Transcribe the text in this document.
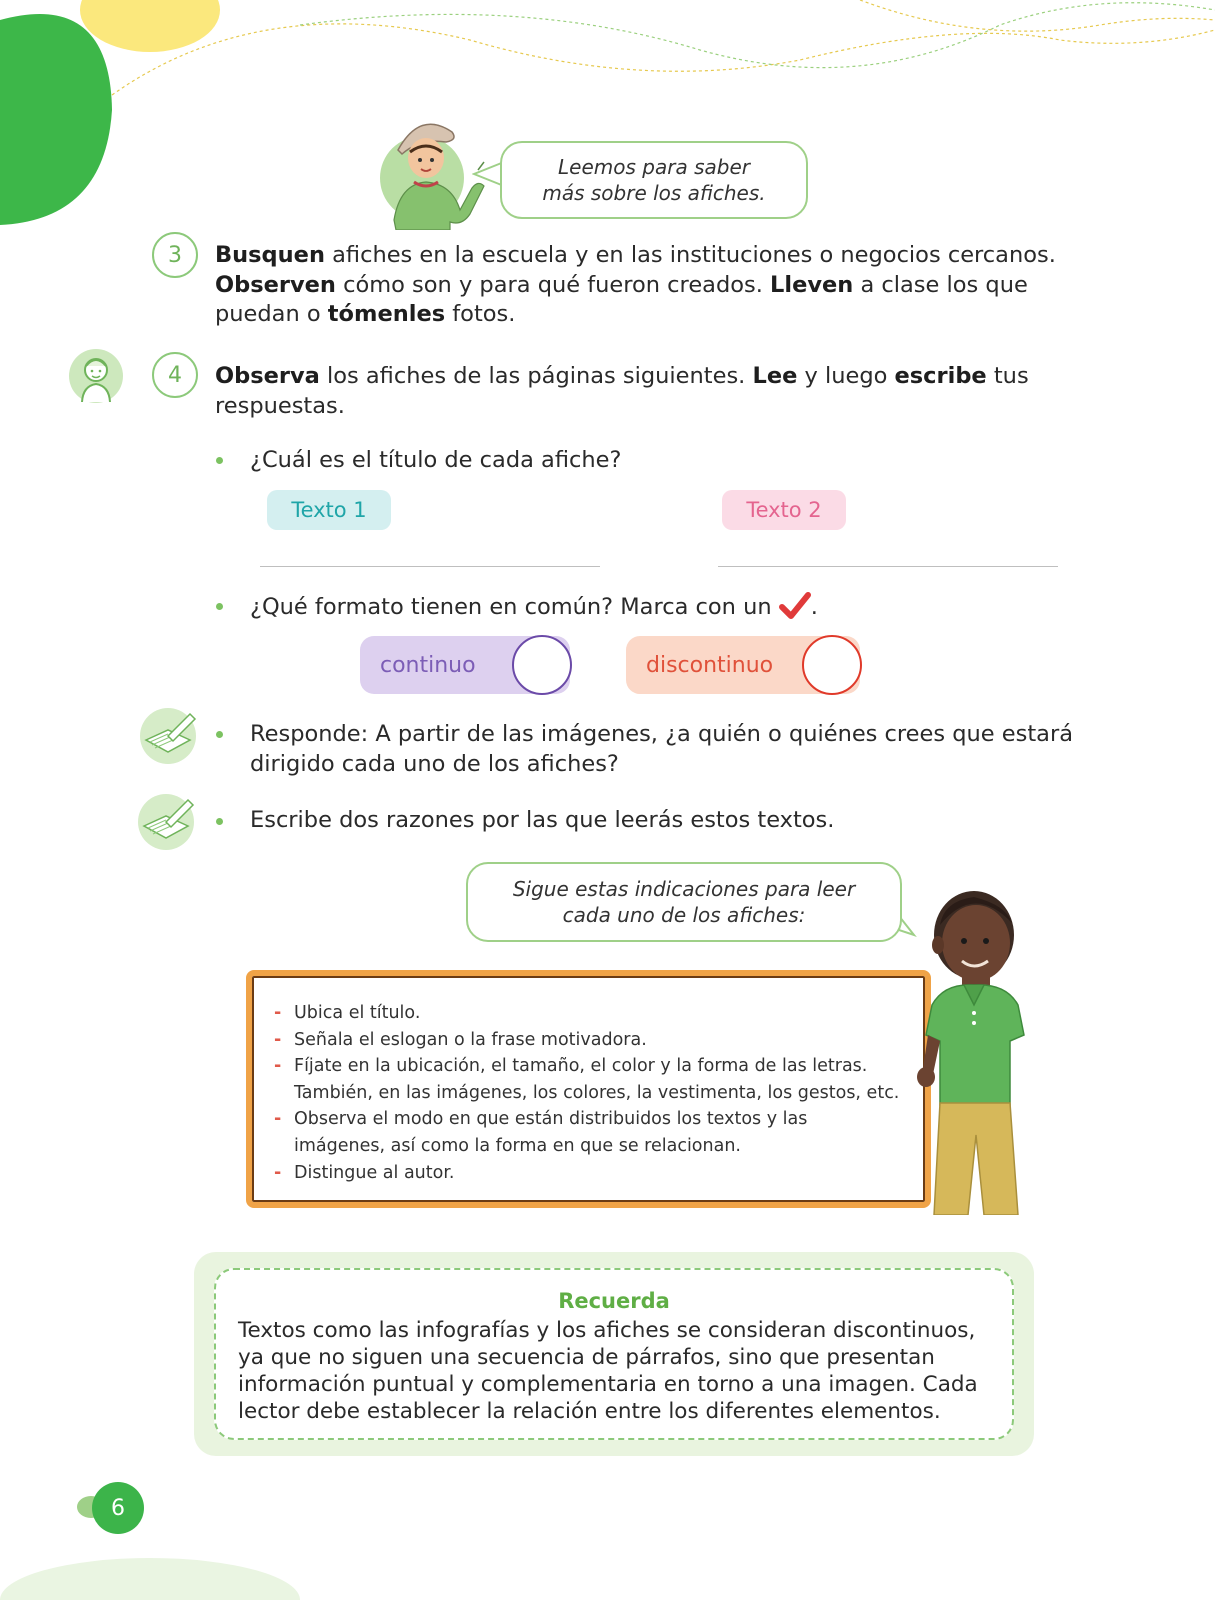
Leemos para saber
más sobre los afiches.
3	Busquen afiches en la escuela y en las instituciones o negocios cercanos.
Observen cómo son y para qué fueron creados. Lleven a clase los que
puedan o tómenles fotos.
4	Observa los afiches de las páginas siguientes. Lee y luego escribe tus
respuestas.
¿Cuál es el título de cada afiche?
Texto 1	Texto 2
¿Qué formato tienen en común? Marca con un .
continuo	discontinuo
Responde: A partir de las imágenes, ¿a quién o quiénes crees que estará
dirigido cada uno de los afiches?
Escribe dos razones por las que leerás estos textos.
Sigue estas indicaciones para leer
cada uno de los afiches:
- Ubica el título.
- Señala el eslogan o la frase motivadora.
- Fíjate en la ubicación, el tamaño, el color y la forma de las letras.
También, en las imágenes, los colores, la vestimenta, los gestos, etc.
- Observa el modo en que están distribuidos los textos y las
imágenes, así como la forma en que se relacionan.
- Distingue al autor.
Recuerda
Textos como las infografías y los afiches se consideran discontinuos,
ya que no siguen una secuencia de párrafos, sino que presentan
información puntual y complementaria en torno a una imagen. Cada
lector debe establecer la relación entre los diferentes elementos.
6
